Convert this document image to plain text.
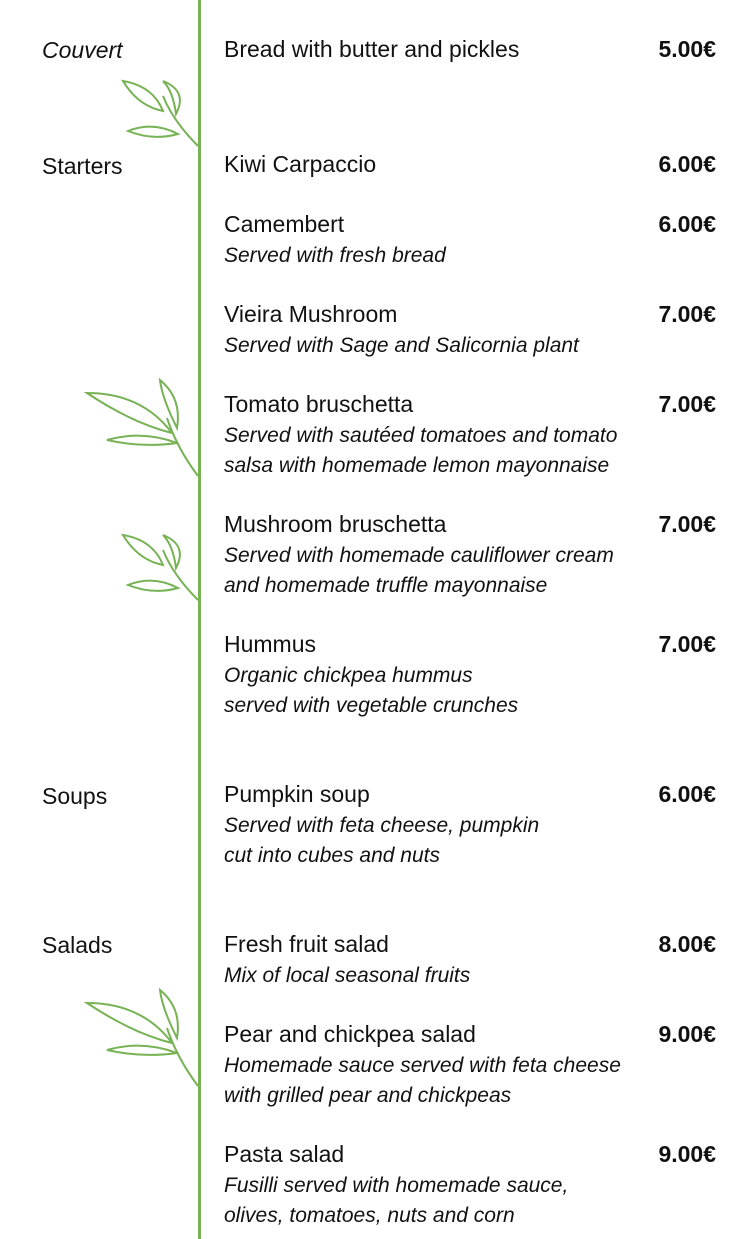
Couvert
Starters
Soups
Salads
Bread with butter and pickles	5.00€
Kiwi Carpaccio	6.00€
Camembert	6.00€
Served with fresh bread
Vieira Mushroom	7.00€
Served with Sage and Salicornia plant
Tomato bruschetta	7.00€
Served with sautéed tomatoes and tomato
salsa with homemade lemon mayonnaise
Mushroom bruschetta	7.00€
Served with homemade cauliflower cream
and homemade truffle mayonnaise
Hummus	7.00€
Organic chickpea hummus
served with vegetable crunches
Pumpkin soup	6.00€
Served with feta cheese, pumpkin
cut into cubes and nuts
Fresh fruit salad	8.00€
Mix of local seasonal fruits
Pear and chickpea salad	9.00€
Homemade sauce served with feta cheese
with grilled pear and chickpeas
Pasta salad	9.00€
Fusilli served with homemade sauce,
olives, tomatoes, nuts and corn
